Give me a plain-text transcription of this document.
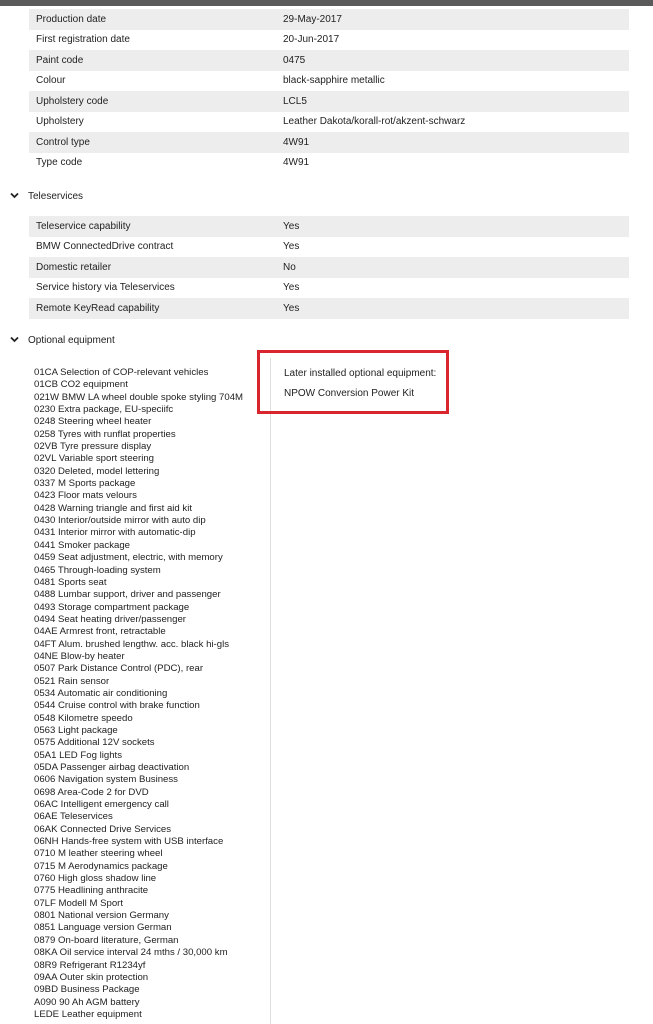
Production date	29-May-2017
First registration date	20-Jun-2017
Paint code	0475
Colour	black-sapphire metallic
Upholstery code	LCL5
Upholstery	Leather Dakota/korall-rot/akzent-schwarz
Control type	4W91
Type code	4W91
Teleservices
Teleservice capability	Yes
BMW ConnectedDrive contract	Yes
Domestic retailer	No
Service history via Teleservices	Yes
Remote KeyRead capability	Yes
Optional equipment
01CA Selection of COP-relevant vehicles
01CB CO2 equipment
021W BMW LA wheel double spoke styling 704M
0230 Extra package, EU-speciifc
0248 Steering wheel heater
0258 Tyres with runflat properties
02VB Tyre pressure display
02VL Variable sport steering
0320 Deleted, model lettering
0337 M Sports package
0423 Floor mats velours
0428 Warning triangle and first aid kit
0430 Interior/outside mirror with auto dip
0431 Interior mirror with automatic-dip
0441 Smoker package
0459 Seat adjustment, electric, with memory
0465 Through-loading system
0481 Sports seat
0488 Lumbar support, driver and passenger
0493 Storage compartment package
0494 Seat heating driver/passenger
04AE Armrest front, retractable
04FT Alum. brushed lengthw. acc. black hi-gls
04NE Blow-by heater
0507 Park Distance Control (PDC), rear
0521 Rain sensor
0534 Automatic air conditioning
0544 Cruise control with brake function
0548 Kilometre speedo
0563 Light package
0575 Additional 12V sockets
05A1 LED Fog lights
05DA Passenger airbag deactivation
0606 Navigation system Business
0698 Area-Code 2 for DVD
06AC Intelligent emergency call
06AE Teleservices
06AK Connected Drive Services
06NH Hands-free system with USB interface
0710 M leather steering wheel
0715 M Aerodynamics package
0760 High gloss shadow line
0775 Headlining anthracite
07LF Modell M Sport
0801 National version Germany
0851 Language version German
0879 On-board literature, German
08KA Oil service interval 24 mths / 30,000 km
08R9 Refrigerant R1234yf
09AA Outer skin protection
09BD Business Package
A090 90 Ah AGM battery
LEDE Leather equipment
Later installed optional equipment:
NPOW Conversion Power Kit
